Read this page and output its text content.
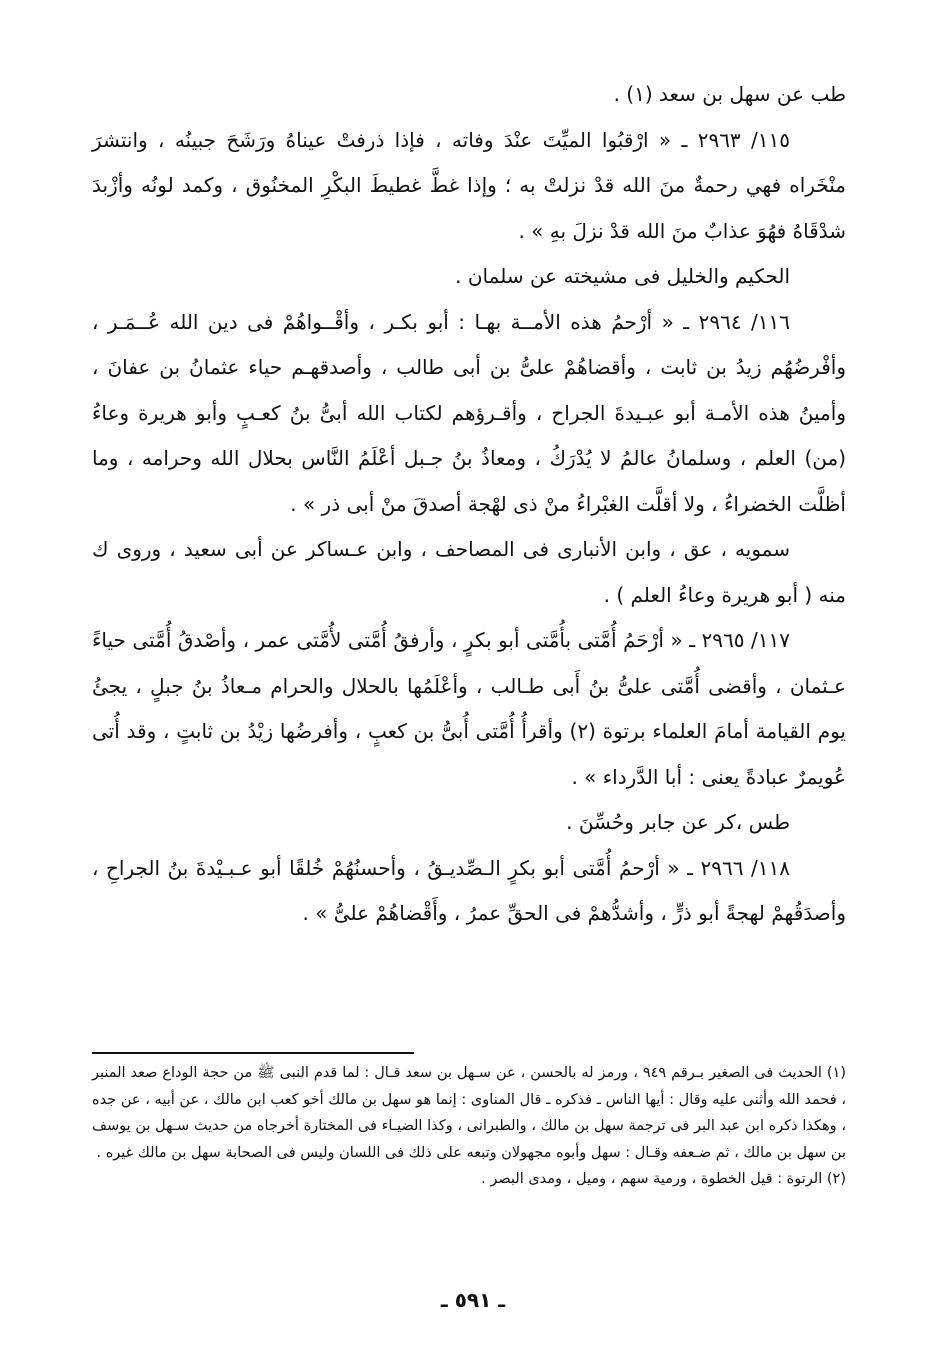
طب عن سهل بن سعد (١) .

١١٥/ ٢٩٦٣ ـ « ارْقبُوا الميِّتَ عنْدَ وفاته ، فإذا ذرفتْ عيناهُ ورَشَحَ جبينُه ، وانتشرَ منْخَراه فهي رحمةٌ منَ الله قدْ نزلتْ به ؛ وإذا غطَّ غطيطَ البكْرِ المخنُوق ، وكمد لونُه وأزْبدَ شدْقَاهُ فهُوَ عذابٌ منَ الله قدْ نزلَ بهِ » .

الحكيم والخليل فى مشيخته عن سلمان .

١١٦/ ٢٩٦٤ ـ « أرْحمُ هذه الأمــة بهـا : أبو بكـر ، وأقْــواهُمْ فى دين الله عُــمَـر ، وأفْرضُهُم زيدُ بن ثابت ، وأقضاهُمْ علىُّ بن أبى طالب ، وأصدقهـم حياء عثمانُ بن عفانَ ، وأمينُ هذه الأمـة أبو عبـيدةَ الجراح ، وأقـرؤهم لكتاب الله أبىُّ بنُ كعـبٍ وأبو هريرة وعاءُ (من) العلم ، وسلمانُ عالمُ لا يُدْرَكُ ، ومعاذُ بنُ جـبل أعْلَمُ النَّاس بحلال الله وحرامه ، وما أظلَّت الخضراءُ ، ولا أقلَّت الغبْراءُ منْ ذى لهْجة أصدقَ منْ أبى ذر » .

سمويه ، عق ، وابن الأنبارى فى المصاحف ، وابن عـساكر عن أبى سعيد ، وروى ك منه ( أبو هريرة وعاءُ العلم ) .

١١٧/ ٢٩٦٥ ـ « أرْحَمُ أُمَّتى بأُمَّتى أبو بكرٍ ، وأرفقُ أُمَّتى لأُمَّتى عمر ، وأصْدقُ أُمَّتى حياءً عـثمان ، وأقضى أُمَّتى علىُّ بنُ أَبى طـالب ، وأعْلَمُها بالحلال والحرام مـعاذُ بنُ جبلٍ ، يجئُ يوم القيامة أمامَ العلماء برتوة (٢) وأقرأُ أُمَّتى أُبىُّ بن كعبٍ ، وأفرضُها زيْدُ بن ثابتٍ ، وقد أُتى عُويمرٌ عبادةً يعنى : أبا الدَّرداء » .

طس ،كر عن جابر وحُسِّنَ .

١١٨/ ٢٩٦٦ ـ « أرْحمُ أُمَّتى أبو بكرٍ الـصِّديـقُ ، وأحسنُهُمْ خُلقًا أبو عـبـيْدةَ بنُ الجراحِ ، وأصدَقُهمْ لهجةً أبو ذرٍّ ، وأشدُّهمْ فى الحقِّ عمرُ ، وأَقْضاهُمْ علىُّ » .

(١) الحديث فى الصغير بـرقم ٩٤٩ ، ورمز له بالحسن ، عن سـهل بن سعد قـال : لما قدم النبى ﷺ من حجة الوداع صعد المنبر ، فحمد الله وأثنى عليه وقال : أيها الناس ـ فذكره ـ قال المناوى : إنما هو سهل بن مالك أخو كعب ابن مالك ، عن أبيه ، عن جده ، وهكذا ذكره ابن عبد البر فى ترجمة سهل بن مالك ، والطبرانى ، وكذا الضيـاء فى المختارة أخرجاه من حديث سـهل بن يوسف بن سهل بن مالك ، ثم ضـعفه وقـال : سهل وأبوه مجهولان وتبعه على ذلك فى اللسان وليس فى الصحابة سهل بن مالك غيره .

(٢) الرتوة : قيل الخطوة ، ورمية سهم ، وميل ، ومدى البصر .

ـ ٥٩١ ـ
